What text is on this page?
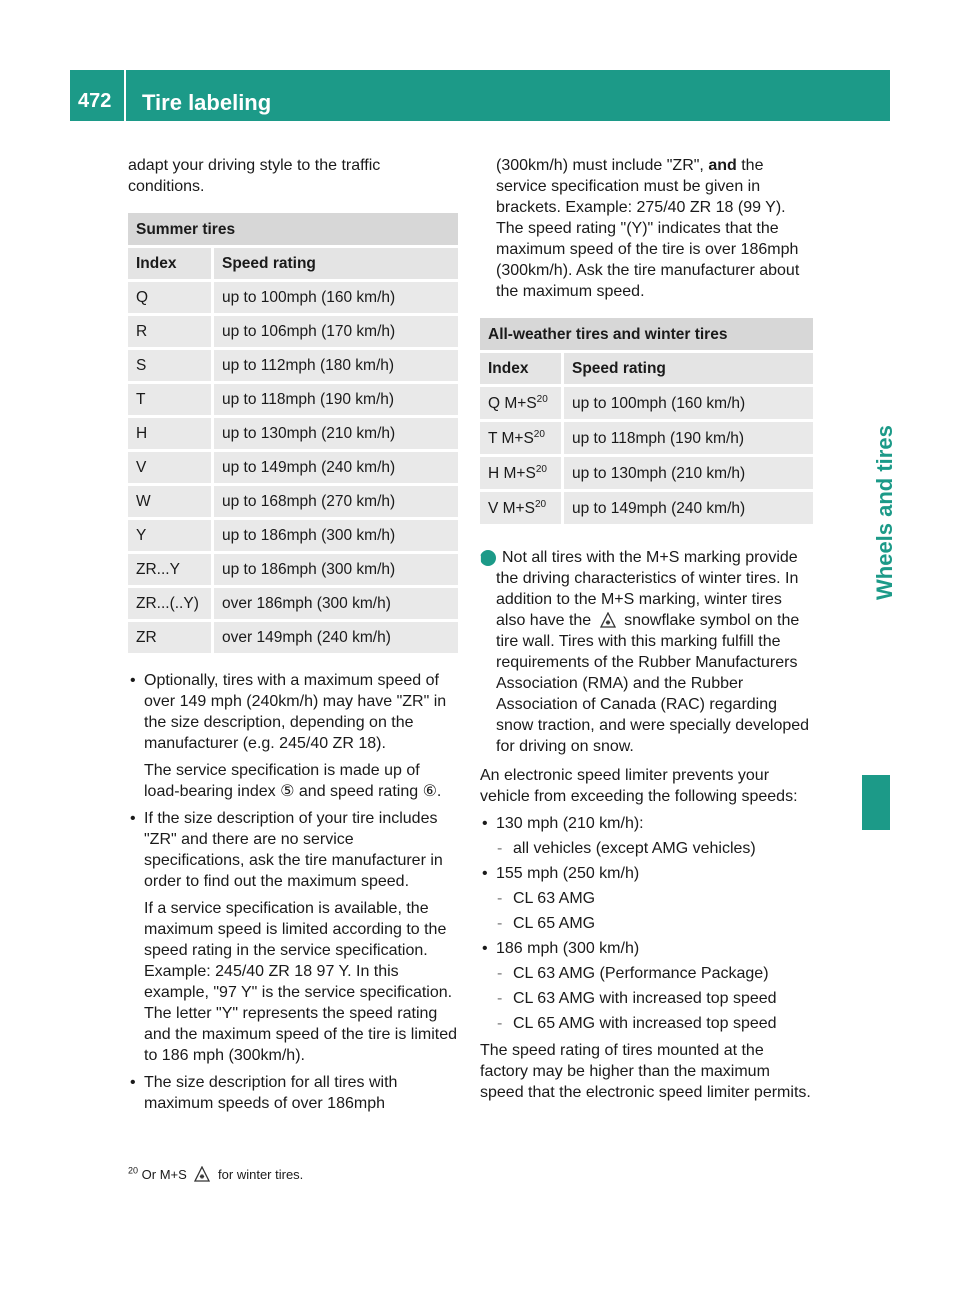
472 Tire labeling
Wheels and tires

adapt your driving style to the traffic conditions.

Summer tires	
Index	Speed rating
Q	up to 100mph (160 km/h)
R	up to 106mph (170 km/h)
S	up to 112mph (180 km/h)
T	up to 118mph (190 km/h)
H	up to 130mph (210 km/h)
V	up to 149mph (240 km/h)
W	up to 168mph (270 km/h)
Y	up to 186mph (300 km/h)
ZR...Y	up to 186mph (300 km/h)
ZR...(..Y)	over 186mph (300 km/h)
ZR	over 149mph (240 km/h)

• Optionally, tires with a maximum speed of over 149 mph (240km/h) may have "ZR" in the size description, depending on the manufacturer (e.g. 245/40 ZR 18).

The service specification is made up of load-bearing index ⑤ and speed rating ⑥.

• If the size description of your tire includes "ZR" and there are no service specifications, ask the tire manufacturer in order to find out the maximum speed.

If a service specification is available, the maximum speed is limited according to the speed rating in the service specification. Example: 245/40 ZR 18 97 Y. In this example, "97 Y" is the service specification. The letter "Y" represents the speed rating and the maximum speed of the tire is limited to 186 mph (300km/h).

• The size description for all tires with maximum speeds of over 186mph

(300km/h) must include "ZR", and the service specification must be given in brackets. Example: 275/40 ZR 18 (99 Y). The speed rating "(Y)" indicates that the maximum speed of the tire is over 186mph (300km/h). Ask the tire manufacturer about the maximum speed.

All-weather tires and winter tires	
Index	Speed rating
Q $M+S^{20}$	up to 100mph (160 km/h)
T $M+S^{20}$	up to 118mph (190 km/h)
H $M+S^{20}$	up to 130mph (210 km/h)
V $M+S^{20}$	up to 149mph (240 km/h)

i Not all tires with the M+S marking provide the driving characteristics of winter tires. In addition to the M+S marking, winter tires also have the snowflake symbol on the tire wall. Tires with this marking fulfill the requirements of the Rubber Manufacturers Association (RMA) and the Rubber Association of Canada (RAC) regarding snow traction, and were specially developed for driving on snow.

An electronic speed limiter prevents your vehicle from exceeding the following speeds:

• 130 mph (210 km/h):
- all vehicles (except AMG vehicles)
• 155 mph (250 km/h)
- CL 63 AMG
- CL 65 AMG
• 186 mph (300 km/h)
- CL 63 AMG (Performance Package)
- CL 63 AMG with increased top speed
- CL 65 AMG with increased top speed

The speed rating of tires mounted at the factory may be higher than the maximum speed that the electronic speed limiter permits.

$^{20}$ Or M+S for winter tires.
